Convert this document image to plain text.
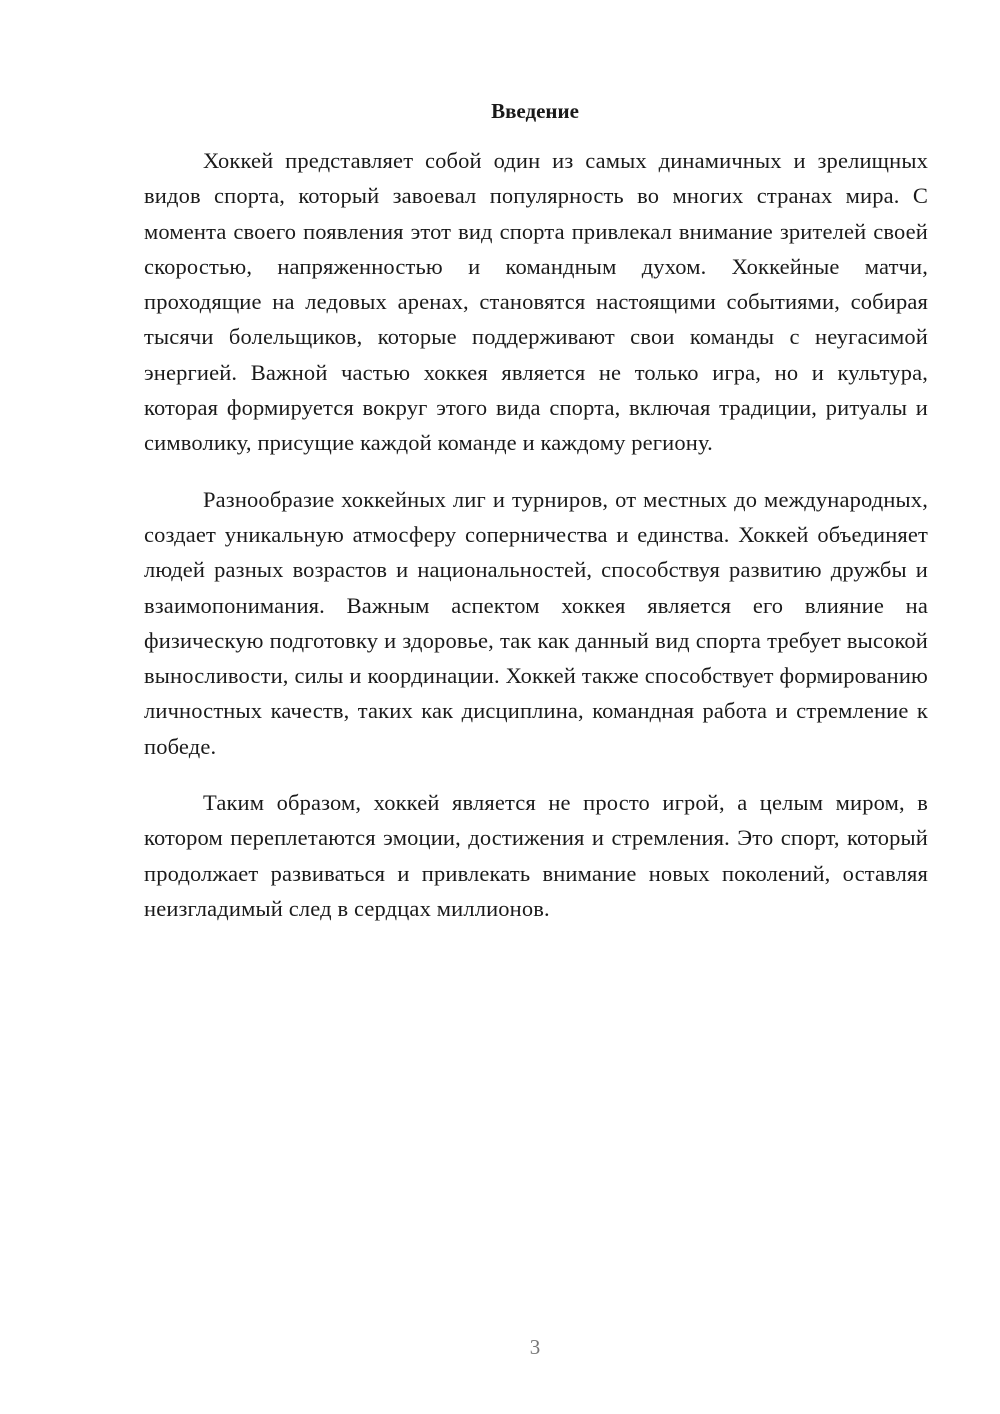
Введение

Хоккей представляет собой один из самых динамичных и зрелищных видов спорта, который завоевал популярность во многих странах мира. С момента своего появления этот вид спорта привлекал внимание зрителей своей скоростью, напряженностью и командным духом. Хоккейные матчи, проходящие на ледовых аренах, становятся настоящими событиями, собирая тысячи болельщиков, которые поддерживают свои команды с неугасимой энергией. Важной частью хоккея является не только игра, но и культура, которая формируется вокруг этого вида спорта, включая традиции, ритуалы и символику, присущие каждой команде и каждому региону.

Разнообразие хоккейных лиг и турниров, от местных до международных, создает уникальную атмосферу соперничества и единства. Хоккей объединяет людей разных возрастов и национальностей, способствуя развитию дружбы и взаимопонимания. Важным аспектом хоккея является его влияние на физическую подготовку и здоровье, так как данный вид спорта требует высокой выносливости, силы и координации. Хоккей также способствует формированию личностных качеств, таких как дисциплина, командная работа и стремление к победе.

Таким образом, хоккей является не просто игрой, а целым миром, в котором переплетаются эмоции, достижения и стремления. Это спорт, который продолжает развиваться и привлекать внимание новых поколений, оставляя неизгладимый след в сердцах миллионов.

3
